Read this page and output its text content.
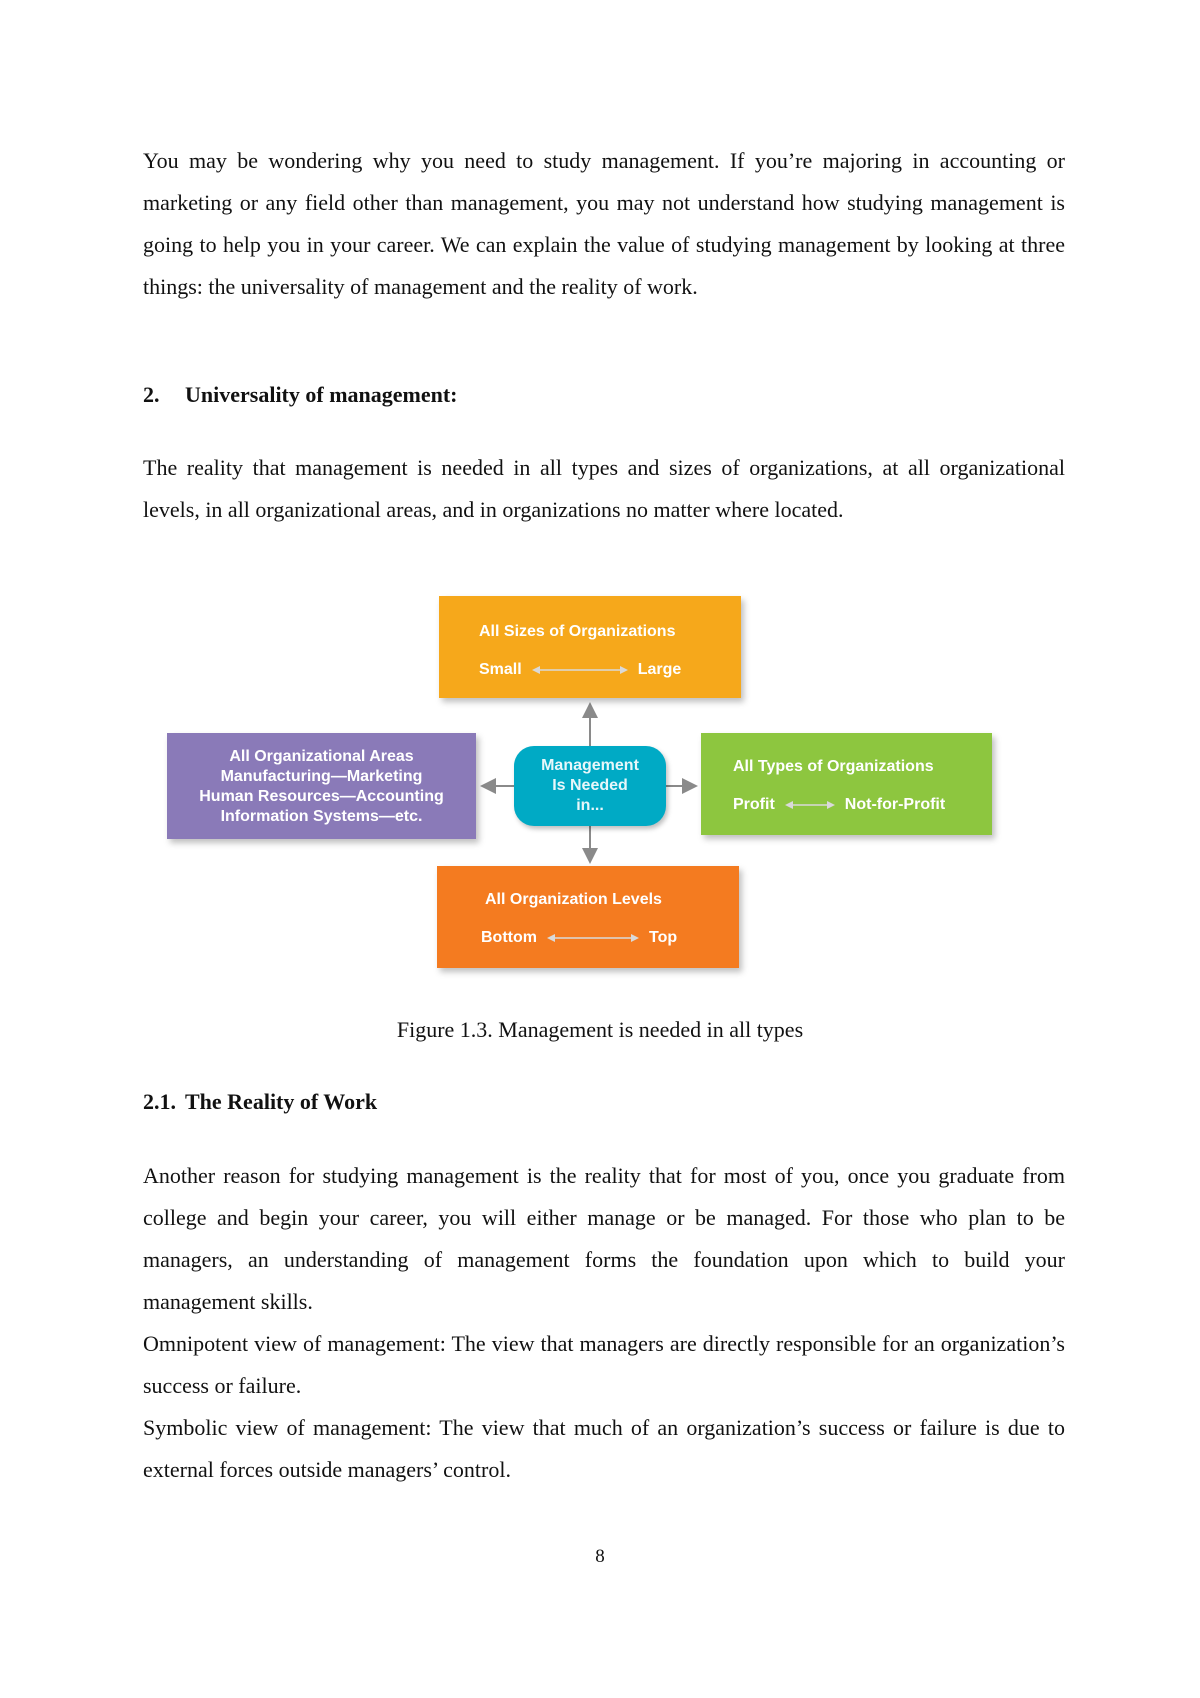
You may be wondering why you need to study management. If you’re majoring in accounting or marketing or any field other than management, you may not understand how studying management is going to help you in your career. We can explain the value of studying management by looking at three things: the universality of management and the reality of work.

2. Universality of management:

The reality that management is needed in all types and sizes of organizations, at all organizational levels, in all organizational areas, and in organizations no matter where located.

All Sizes of Organizations
Small	Large
All Organizational Areas
Manufacturing—Marketing
Human Resources—Accounting
Information Systems—etc.
Management
Is Needed
in...
All Types of Organizations
Profit	Not-for-Profit
All Organization Levels
Bottom	Top

Figure 1.3. Management is needed in all types

2.1. The Reality of Work

Another reason for studying management is the reality that for most of you, once you graduate from college and begin your career, you will either manage or be managed. For those who plan to be managers, an understanding of management forms the foundation upon which to build your management skills.

Omnipotent view of management: The view that managers are directly responsible for an organization’s success or failure.

Symbolic view of management: The view that much of an organization’s success or failure is due to external forces outside managers’ control.

8
